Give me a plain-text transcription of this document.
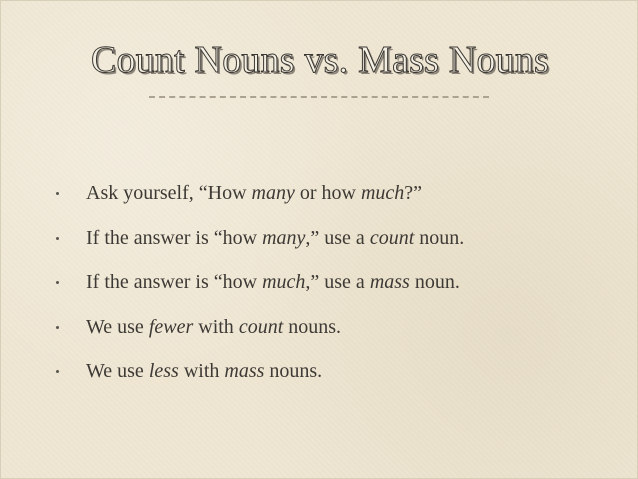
Count Nouns vs. Mass Nouns
Ask yourself, “How many or how much?”
If the answer is “how many,” use a count noun.
If the answer is “how much,” use a mass noun.
We use fewer with count nouns.
We use less with mass nouns.
